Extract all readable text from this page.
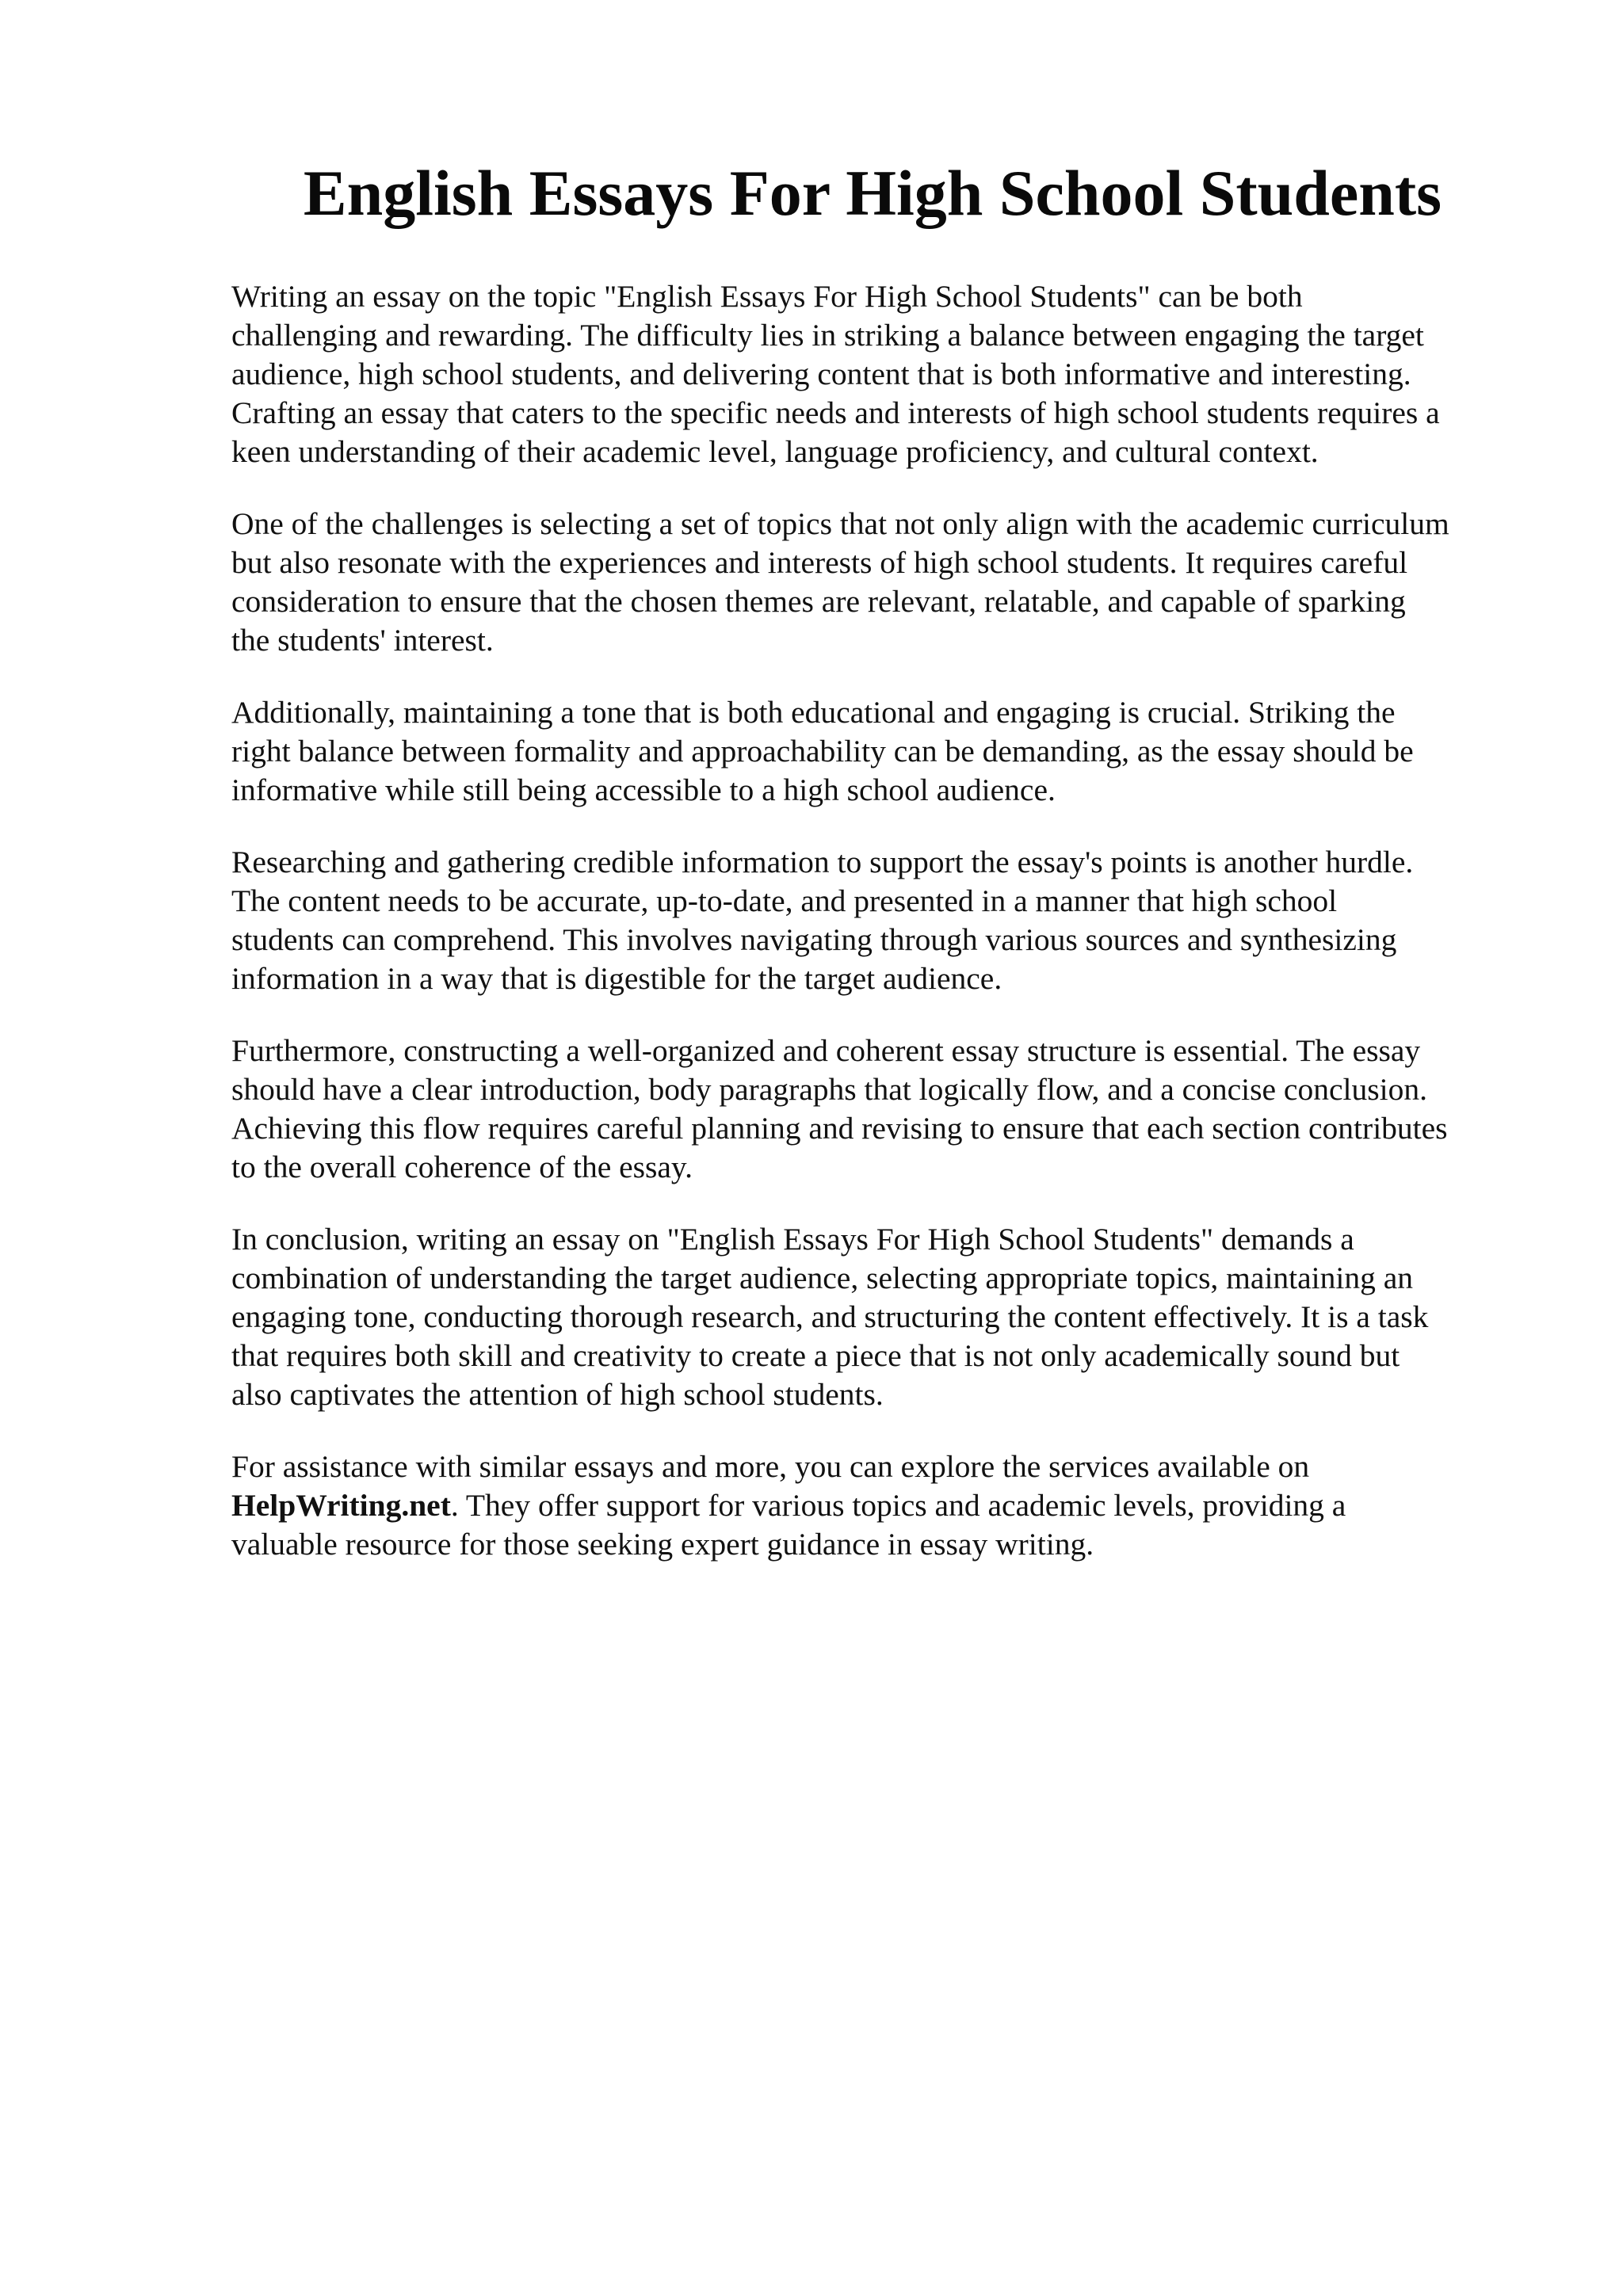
English Essays For High School Students

Writing an essay on the topic "English Essays For High School Students" can be both
challenging and rewarding. The difficulty lies in striking a balance between engaging the target
audience, high school students, and delivering content that is both informative and interesting.
Crafting an essay that caters to the specific needs and interests of high school students requires a
keen understanding of their academic level, language proficiency, and cultural context.

One of the challenges is selecting a set of topics that not only align with the academic curriculum
but also resonate with the experiences and interests of high school students. It requires careful
consideration to ensure that the chosen themes are relevant, relatable, and capable of sparking
the students' interest.

Additionally, maintaining a tone that is both educational and engaging is crucial. Striking the
right balance between formality and approachability can be demanding, as the essay should be
informative while still being accessible to a high school audience.

Researching and gathering credible information to support the essay's points is another hurdle.
The content needs to be accurate, up-to-date, and presented in a manner that high school
students can comprehend. This involves navigating through various sources and synthesizing
information in a way that is digestible for the target audience.

Furthermore, constructing a well-organized and coherent essay structure is essential. The essay
should have a clear introduction, body paragraphs that logically flow, and a concise conclusion.
Achieving this flow requires careful planning and revising to ensure that each section contributes
to the overall coherence of the essay.

In conclusion, writing an essay on "English Essays For High School Students" demands a
combination of understanding the target audience, selecting appropriate topics, maintaining an
engaging tone, conducting thorough research, and structuring the content effectively. It is a task
that requires both skill and creativity to create a piece that is not only academically sound but
also captivates the attention of high school students.

For assistance with similar essays and more, you can explore the services available on
HelpWriting.net. They offer support for various topics and academic levels, providing a
valuable resource for those seeking expert guidance in essay writing.
